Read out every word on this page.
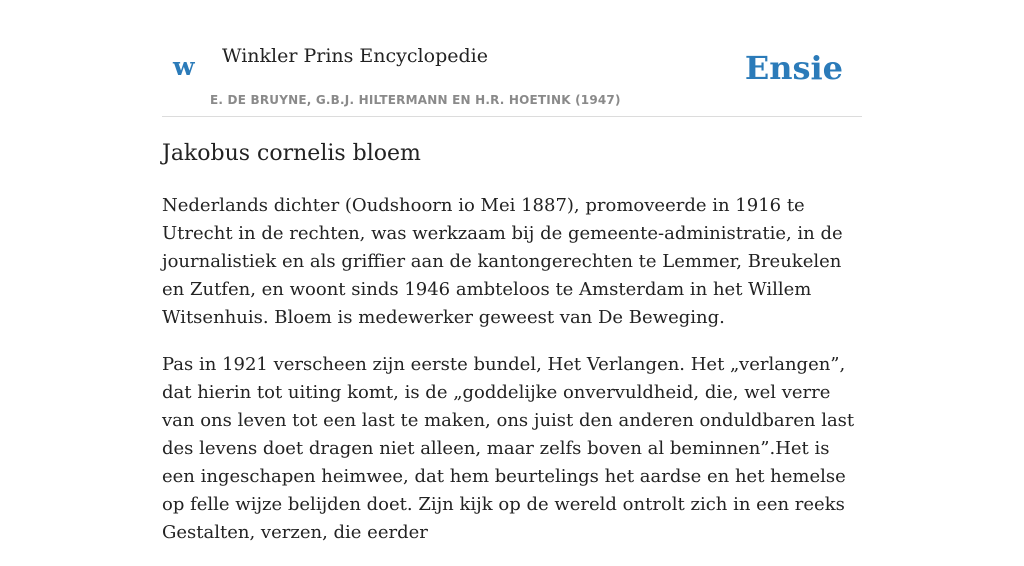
w Winkler Prins Encyclopedie
E. DE BRUYNE, G.B.J. HILTERMANN EN H.R. HOETINK (1947)
Ensie
Jakobus cornelis bloem

Nederlands dichter (Oudshoorn io Mei 1887), promoveerde in 1916 te Utrecht in de rechten, was werkzaam bij de gemeente-administratie, in de journalistiek en als griffier aan de kantongerechten te Lemmer, Breukelen en Zutfen, en woont sinds 1946 ambteloos te Amsterdam in het Willem Witsenhuis. Bloem is medewerker geweest van De Beweging.

Pas in 1921 verscheen zijn eerste bundel, Het Verlangen. Het „verlangen”, dat hierin tot uiting komt, is de „goddelijke onvervuldheid, die, wel verre van ons leven tot een last te maken, ons juist den anderen onduldbaren last des levens doet dragen niet alleen, maar zelfs boven al beminnen”.Het is een ingeschapen heimwee, dat hem beurtelings het aardse en het hemelse op felle wijze belijden doet. Zijn kijk op de wereld ontrolt zich in een reeks Gestalten, verzen, die eerder
